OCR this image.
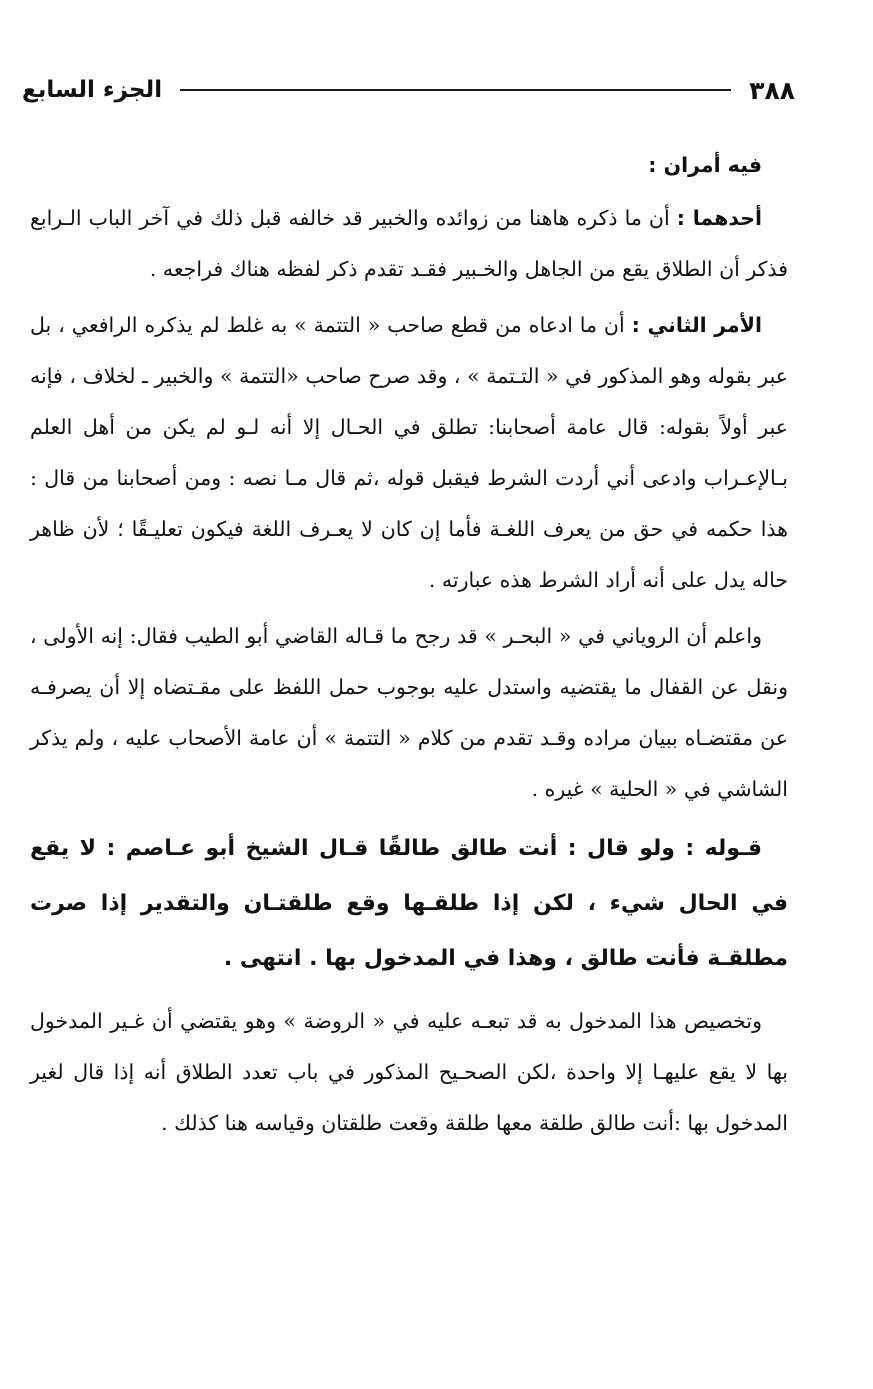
الجزء السابع	٣٨٨

فيه أمران :

أحدهما : أن ما ذكره هاهنا من زوائده والخبير قد خالفه قبل ذلك في آخر الباب الـرابع فذكر أن الطلاق يقع من الجاهل والخـبير فقـد تقدم ذكر لفظه هناك فراجعه .

الأمر الثاني : أن ما ادعاه من قطع صاحب « التتمة » به غلط لم يذكره الرافعي ، بل عبر بقوله وهو المذكور في « التـتمة » ، وقد صرح صاحب «التتمة » والخبير ـ لخلاف ، فإنه عبر أولاً بقوله: قال عامة أصحابنا: تطلق في الحـال إلا أنه لـو لم يكن من أهل العلم بـالإعـراب وادعى أني أردت الشرط فيقبل قوله ،ثم قال مـا نصه : ومن أصحابنا من قال : هذا حكمه في حق من يعرف اللغـة فأما إن كان لا يعـرف اللغة فيكون تعليـقًا ؛ لأن ظاهر حاله يدل على أنه أراد الشرط هذه عبارته .

واعلم أن الروياني في « البحـر » قد رجح ما قـاله القاضي أبو الطيب فقال: إنه الأولى ، ونقل عن القفال ما يقتضيه واستدل عليه بوجوب حمل اللفظ على مقـتضاه إلا أن يصرفـه عن مقتضـاه ببيان مراده وقـد تقدم من كلام « التتمة » أن عامة الأصحاب عليه ، ولم يذكر الشاشي في « الحلية » غيره .

قـوله : ولو قال : أنت طالق طالقًا قـال الشيخ أبو عـاصم : لا يقع في الحال شيء ، لكن إذا طلقـها وقع طلقتـان والتقدير إذا صرت مطلقـة فأنت طالق ، وهذا في المدخول بها . انتهى .

وتخصيص هذا المدخول به قد تبعـه عليه في « الروضة » وهو يقتضي أن غـير المدخول بها لا يقع عليهـا إلا واحدة ،لكن الصحـيح المذكور في باب تعدد الطلاق أنه إذا قال لغير المدخول بها :أنت طالق طلقة معها طلقة وقعت طلقتان وقياسه هنا كذلك .
